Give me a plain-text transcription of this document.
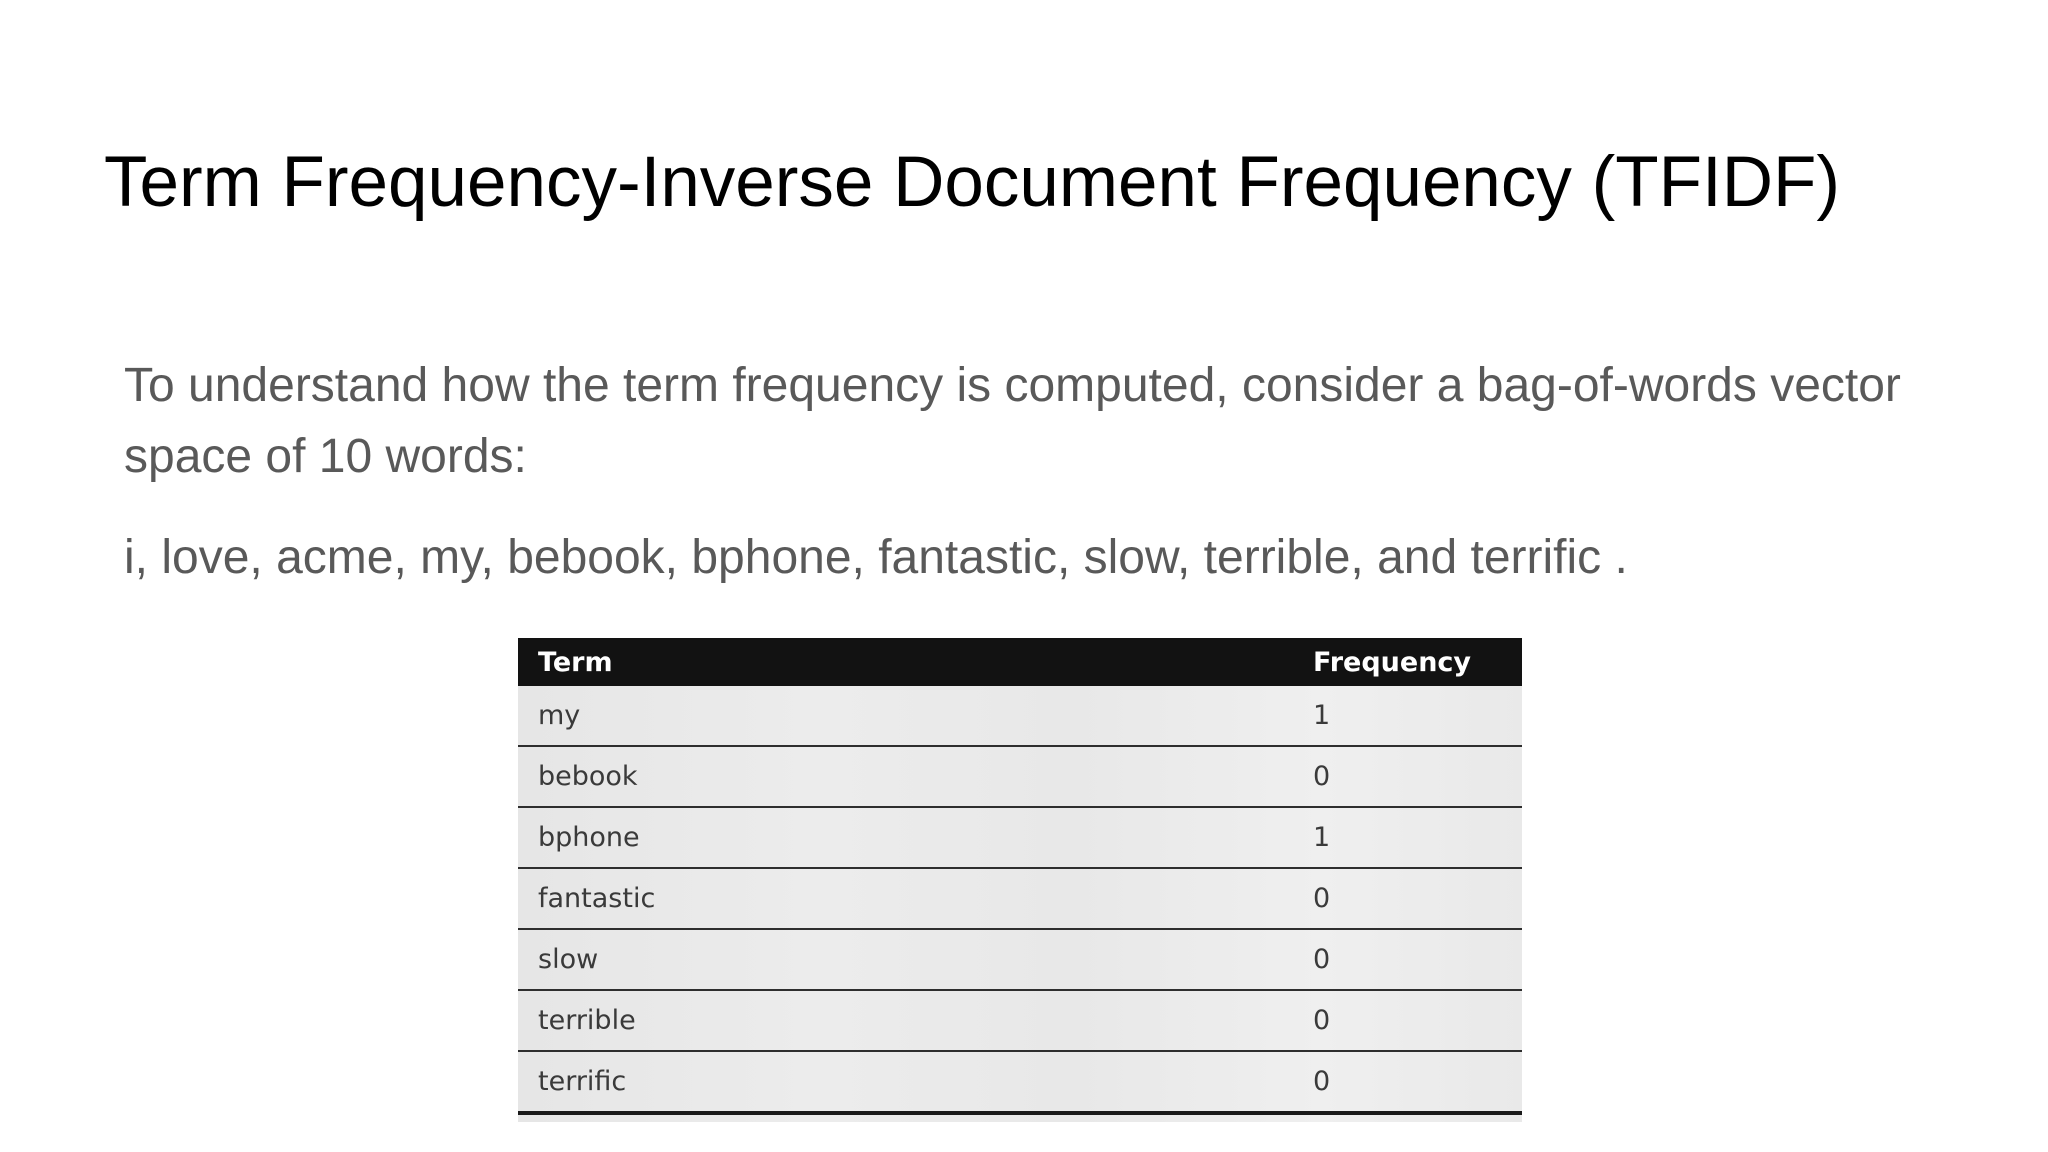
Term Frequency-Inverse Document Frequency (TFIDF)

To understand how the term frequency is computed, consider a bag-of-words vector space of 10 words:

i, love, acme, my, bebook, bphone, fantastic, slow, terrible, and terrific .

Term	Frequency
my	1
bebook	0
bphone	1
fantastic	0
slow	0
terrible	0
terrific	0
